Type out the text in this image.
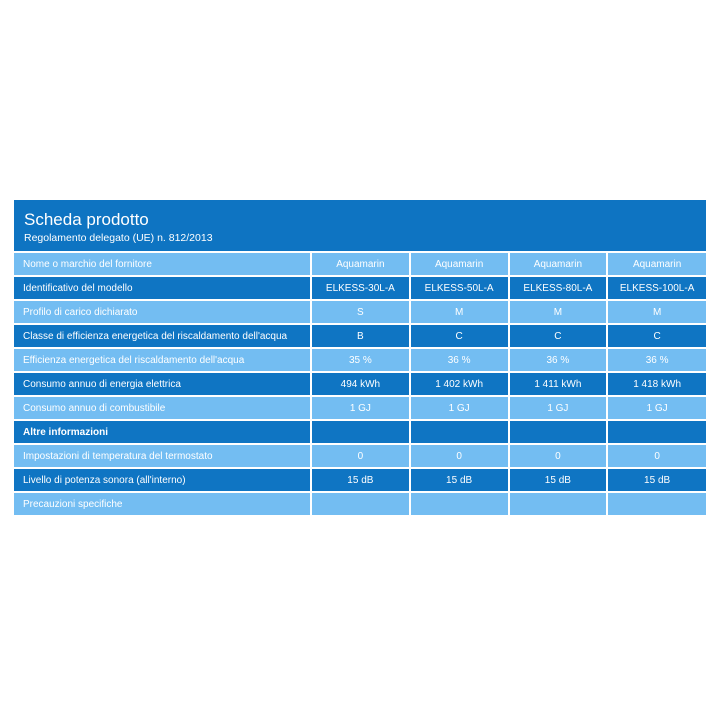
Scheda prodotto
Regolamento delegato (UE) n. 812/2013
Nome o marchio del fornitore	Aquamarin	Aquamarin	Aquamarin	Aquamarin
Identificativo del modello	ELKESS-30L-A	ELKESS-50L-A	ELKESS-80L-A	ELKESS-100L-A
Profilo di carico dichiarato	S	M	M	M
Classe di efficienza energetica del riscaldamento dell'acqua	B	C	C	C
Efficienza energetica del riscaldamento dell'acqua	35 %	36 %	36 %	36 %
Consumo annuo di energia elettrica	494 kWh	1 402 kWh	1 411 kWh	1 418 kWh
Consumo annuo di combustibile	1 GJ	1 GJ	1 GJ	1 GJ
Altre informazioni				
Impostazioni di temperatura del termostato	0	0	0	0
Livello di potenza sonora (all'interno)	15 dB	15 dB	15 dB	15 dB
Precauzioni specifiche				
